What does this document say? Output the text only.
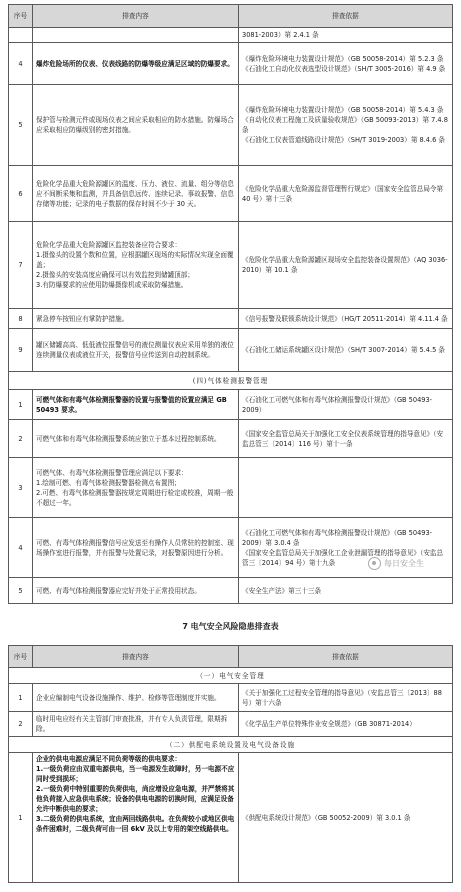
序号	排查内容	排查依据
		3081-2003）第 2.4.1 条
4	爆炸危险场所的仪表、仪表线路的防爆等级应满足区域的防爆要求。	《爆炸危险环境电力装置设计规范》（GB 50058-2014）第 5.2.3 条
《石油化工自动化仪表选型设计规范》（SH/T 3005-2016）第 4.9 条
5	保护管与检测元件或现场仪表之间应采取相应的防水措施。防爆场合应采取相应防爆级别的密封措施。	《爆炸危险环境电力装置设计规范》（GB 50058-2014）第 5.4.3 条
《自动化仪表工程施工及质量验收规范》（GB 50093-2013）第 7.4.8 条
《石油化工仪表管道线路设计规范》（SH/T 3019-2003）第 8.4.6 条
6	危险化学品重大危险源罐区的温度、压力、液位、流量、组分等信息应不间断采集和监测，并具备信息远传、连续记录、事故报警、信息存储等功能；记录的电子数据的保存时间不少于 30 天。	《危险化学品重大危险源监督管理暂行规定》（国家安全监管总局令第 40 号）第十三条
7	危险化学品重大危险源罐区监控装备应符合要求：
1.摄像头的设置个数和位置，应根据罐区现场的实际情况实现全面覆盖；
2.摄像头的安装高度应确保可以有效监控到储罐顶部；
3.有防爆要求的应使用防爆摄像机或采取防爆措施。	《危险化学品重大危险源罐区现场安全监控装备设置规范》（AQ 3036-2010）第 10.1 条
8	紧急停车按钮应有掌防护措施。	《信号报警及联锁系统设计规范》（HG/T 20511-2014）第 4.11.4 条
9	罐区储罐高高、低低液位报警信号的液位测量仪表应采用单独的液位连续测量仪表或液位开关，报警信号应传送到自动控制系统。	《石油化工储运系统罐区设计规范》（SH/T 3007-2014）第 5.4.5 条
(四)气体检测报警管理		
1	可燃气体和有毒气体检测报警器的设置与报警值的设置应满足 GB 50493 要求。	《石油化工可燃气体和有毒气体检测报警设计规范》（GB 50493-2009）
2	可燃气体和有毒气体检测报警系统应独立于基本过程控制系统。	《国家安全监管总局关于加强化工安全仪表系统管理的指导意见》（安监总管三〔2014〕116 号）第十一条
3	可燃气体、有毒气体检测报警管理应满足以下要求：
1.绘制可燃、有毒气体检测报警器检测点布置图；
2.可燃、有毒气体检测报警器按规定周期进行检定或校准，周期一般不超过一年。	
4	可燃、有毒气体检测报警信号应发送至有操作人员常驻的控制室、现场操作室进行报警，并有报警与处置记录，对报警原因进行分析。	《石油化工可燃气体和有毒气体检测报警设计规范》（GB 50493-2009）第 3.0.4 条
《国家安全监管总局关于加强化工企业泄漏管理的指导意见》（安监总管三〔2014〕94 号）第十九条
5	可燃、有毒气体检测报警器应完好并处于正常投用状态。	《安全生产法》第三十三条
每日安全生
7 电气安全风险隐患排查表
序号	排查内容	排查依据
（一）电气安全管理		
1	企业应编制电气设备设施操作、维护、检修等管理制度并实施。	《关于加强化工过程安全管理的指导意见》（安监总管三〔2013〕88 号）第十六条
2	临时用电应经有关主管部门审查批准，并有专人负责管理，限期拆除。	《化学品生产单位特殊作业安全规范》（GB 30871-2014）
（二）供配电系统设置及电气设备设施		
1	企业的供电电源应满足不同负荷等级的供电要求：
1.一级负荷应由双重电源供电，当一电源发生故障时，另一电源不应同时受到损坏；
2.一级负荷中特别重要的负荷供电，尚应增设应急电源，并严禁将其他负荷接入应急供电系统；设备的供电电源的切换时间，应满足设备允许中断供电的要求；
3.二级负荷的供电系统，宜由两回线路供电。在负荷较小或地区供电条件困难时，二级负荷可由一回 6kV 及以上专用的架空线路供电。	《供配电系统设计规范》（GB 50052-2009）第 3.0.1 条
